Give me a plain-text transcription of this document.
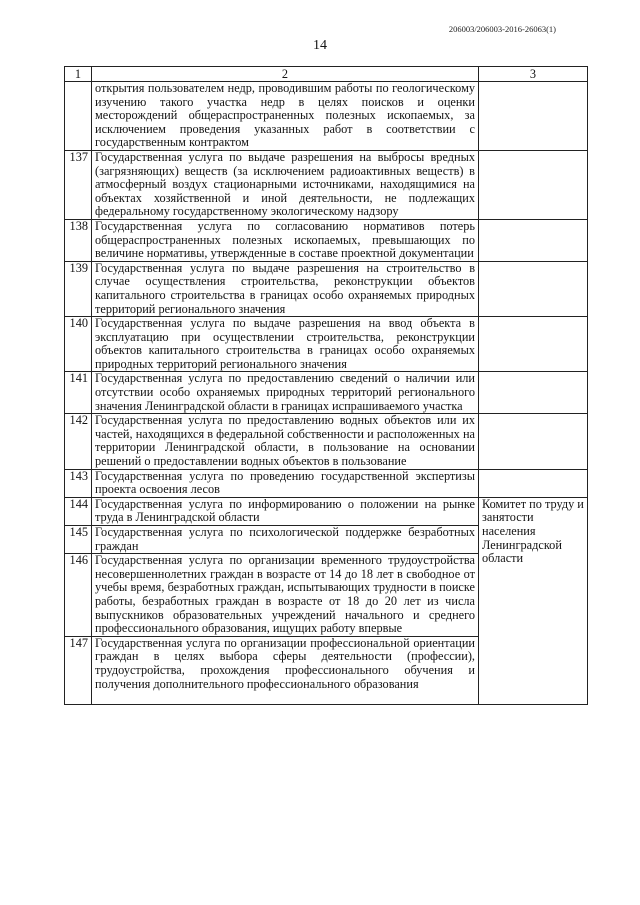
206003/206003-2016-26063(1)
14
1	2	3
	открытия пользователем недр, проводившим работы по геологическому изучению такого участка недр в целях поисков и оценки месторождений общераспространенных полезных ископаемых, за исключением проведения указанных работ в соответствии с государственным контрактом	
137	Государственная услуга по выдаче разрешения на выбросы вредных (загрязняющих) веществ (за исключением радиоактивных веществ) в атмосферный воздух стационарными источниками, находящимися на объектах хозяйственной и иной деятельности, не подлежащих федеральному государственному экологическому надзору	
138	Государственная услуга по согласованию нормативов потерь общераспространенных полезных ископаемых, превышающих по величине нормативы, утвержденные в составе проектной документации	
139	Государственная услуга по выдаче разрешения на строительство в случае осуществления строительства, реконструкции объектов капитального строительства в границах особо охраняемых природных территорий регионального значения	
140	Государственная услуга по выдаче разрешения на ввод объекта в эксплуатацию при осуществлении строительства, реконструкции объектов капитального строительства в границах особо охраняемых природных территорий регионального значения	
141	Государственная услуга по предоставлению сведений о наличии или отсутствии особо охраняемых природных территорий регионального значения Ленинградской области в границах испрашиваемого участка	
142	Государственная услуга по предоставлению водных объектов или их частей, находящихся в федеральной собственности и расположенных на территории Ленинградской области, в пользование на основании решений о предоставлении водных объектов в пользование	
143	Государственная услуга по проведению государственной экспертизы проекта освоения лесов	
144	Государственная услуга по информированию о положении на рынке труда в Ленинградской области	Комитет по труду и занятости населения Ленинградской области
145	Государственная услуга по психологической поддержке безработных граждан	
146	Государственная услуга по организации временного трудоустройства несовершеннолетних граждан в возрасте от 14 до 18 лет в свободное от учебы время, безработных граждан, испытывающих трудности в поиске работы, безработных граждан в возрасте от 18 до 20 лет из числа выпускников образовательных учреждений начального и среднего профессионального образования, ищущих работу впервые	
147	Государственная услуга по организации профессиональной ориентации граждан в целях выбора сферы деятельности (профессии), трудоустройства, прохождения профессионального обучения и получения дополнительного профессионального образования	
